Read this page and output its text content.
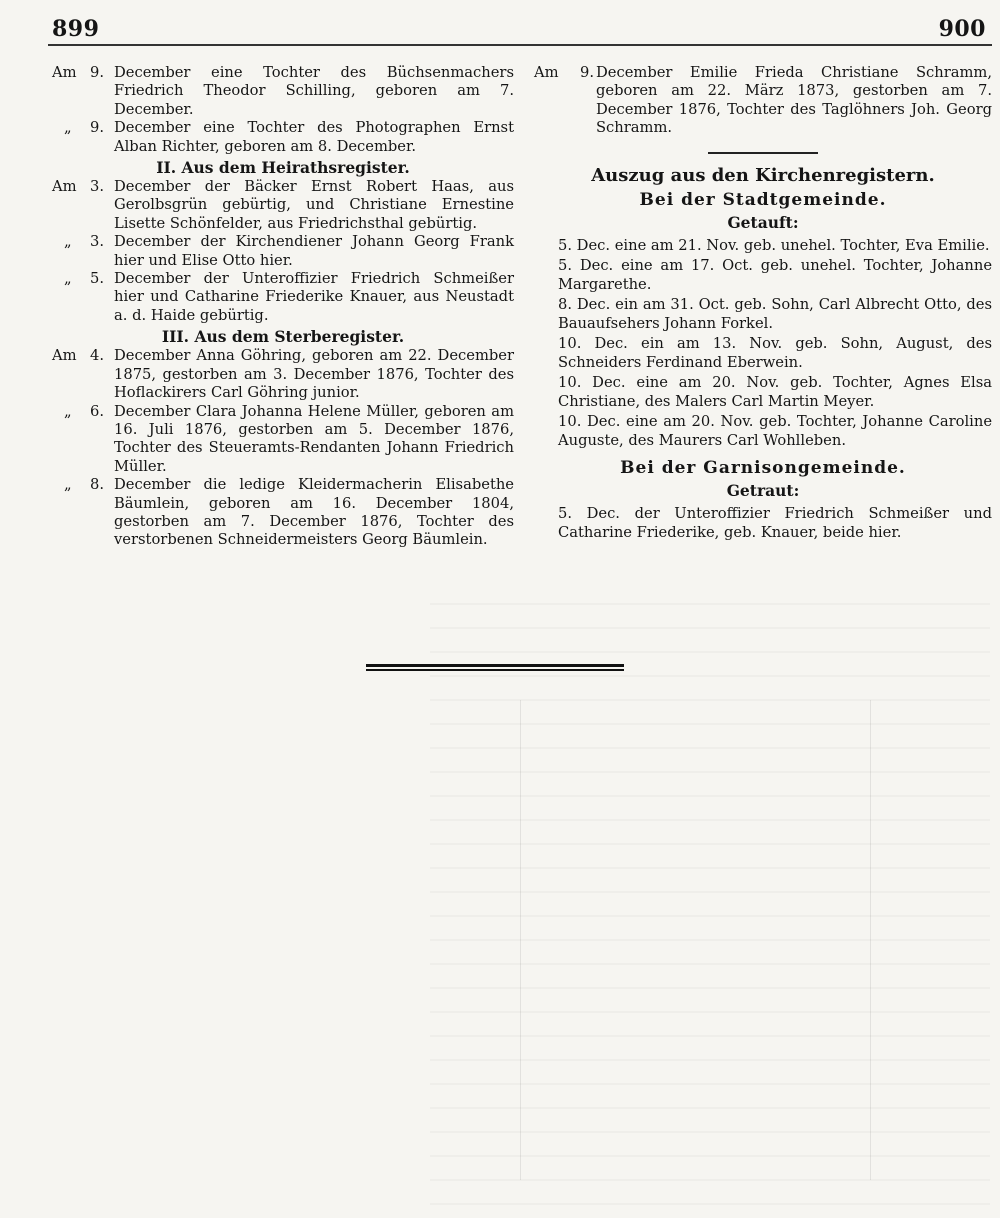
899	900
Am 9. December eine Tochter des Büchsenmachers Friedrich Theodor Schilling, geboren am 7. December.
„	9. December eine Tochter des Photographen Ernst Alban Richter, geboren am 8. December.
II. Aus dem Heirathsregister.
Am 3. December der Bäcker Ernst Robert Haas, aus Gerolbsgrün gebürtig, und Christiane Ernestine Lisette Schönfelder, aus Friedrichsthal gebürtig.
„	3. December der Kirchendiener Johann Georg Frank hier und Elise Otto hier.
„	5. December der Unteroffizier Friedrich Schmeißer hier und Catharine Friederike Knauer, aus Neustadt a. d. Haide gebürtig.
III. Aus dem Sterberegister.
Am 4. December Anna Göhring, geboren am 22. December 1875, gestorben am 3. December 1876, Tochter des Hoflackirers Carl Göhring junior.
„	6. December Clara Johanna Helene Müller, geboren am 16. Juli 1876, gestorben am 5. December 1876, Tochter des Steueramts-Rendanten Johann Friedrich Müller.
„	8. December die ledige Kleidermacherin Elisabethe Bäumlein, geboren am 16. December 1804, gestorben am 7. December 1876, Tochter des verstorbenen Schneidermeisters Georg Bäumlein.
Am 9. December Emilie Frieda Christiane Schramm, geboren am 22. März 1873, gestorben am 7. December 1876, Tochter des Taglöhners Joh. Georg Schramm.
Auszug aus den Kirchenregistern.
Bei der Stadtgemeinde.
Getauft:
5. Dec. eine am 21. Nov. geb. unehel. Tochter, Eva Emilie.
5. Dec. eine am 17. Oct. geb. unehel. Tochter, Johanne Margarethe.
8. Dec. ein am 31. Oct. geb. Sohn, Carl Albrecht Otto, des Bauaufsehers Johann Forkel.
10. Dec. ein am 13. Nov. geb. Sohn, August, des Schneiders Ferdinand Eberwein.
10. Dec. eine am 20. Nov. geb. Tochter, Agnes Elsa Christiane, des Malers Carl Martin Meyer.
10. Dec. eine am 20. Nov. geb. Tochter, Johanne Caroline Auguste, des Maurers Carl Wohlleben.
Bei der Garnisongemeinde.
Getraut:
5. Dec. der Unteroffizier Friedrich Schmeißer und Catharine Friederike, geb. Knauer, beide hier.
